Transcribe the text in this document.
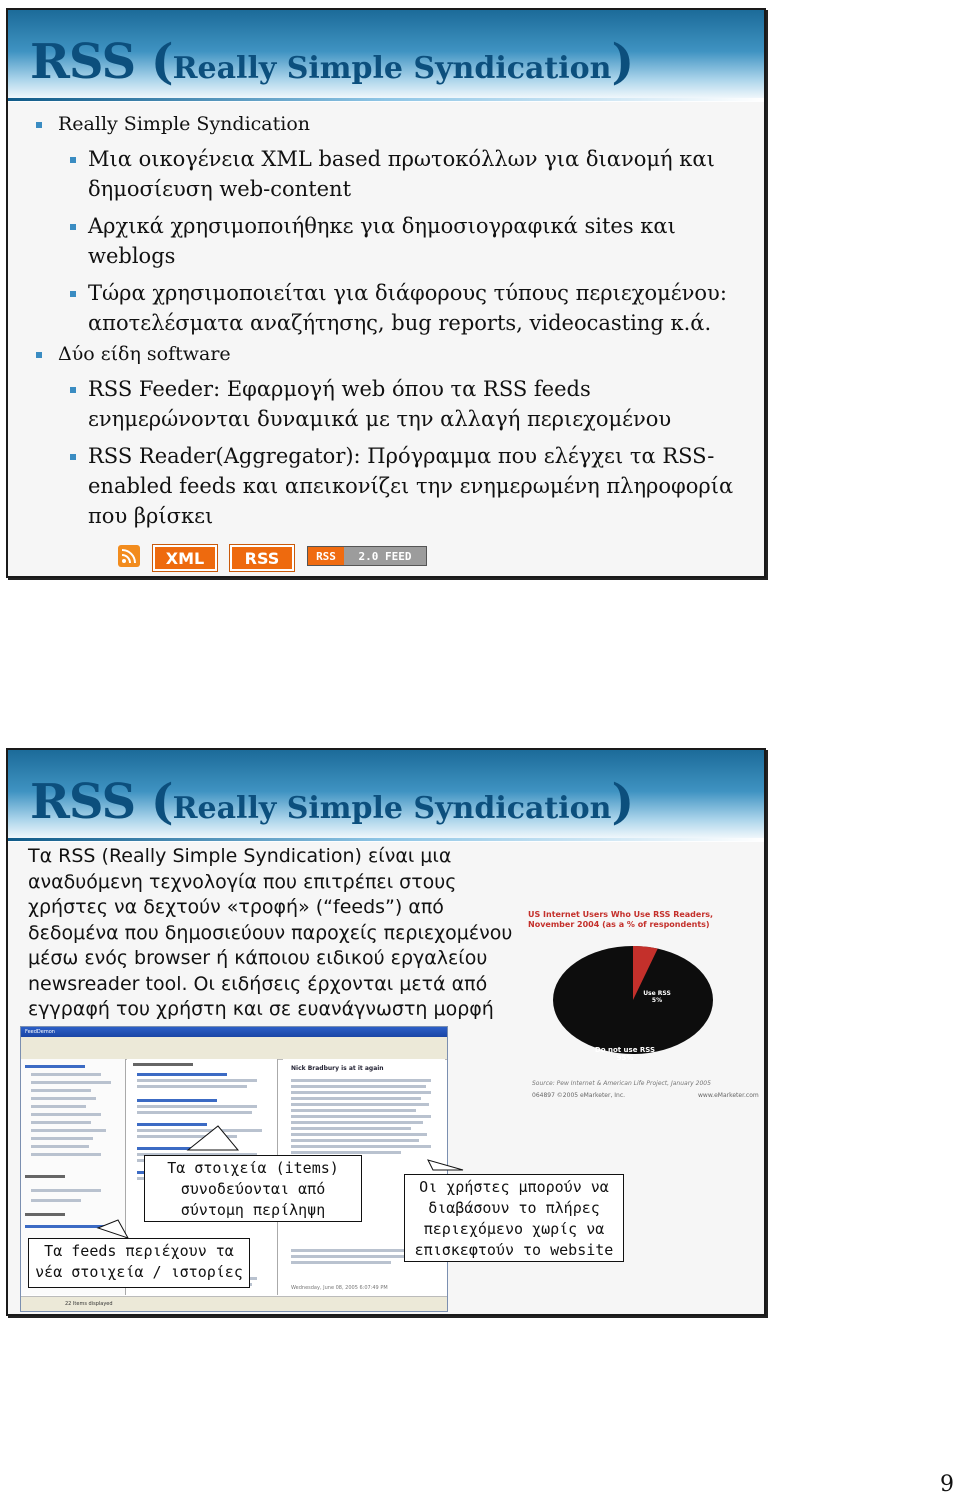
RSS (Really Simple Syndication)

Really Simple Syndication

Μια οικογένεια XML based πρωτοκόλλων για διανομή και δημοσίευση web-content

Αρχικά χρησιμοποιήθηκε για δημοσιογραφικά sites και weblogs

Τώρα χρησιμοποιείται για διάφορους τύπους περιεχομένου: αποτελέσματα αναζήτησης, bug reports, videocasting κ.ά.

Δύο είδη software

RSS Feeder: Εφαρμογή web όπου τα RSS feeds ενημερώνονται δυναμικά με την αλλαγή περιεχομένου

RSS Reader(Aggregator): Πρόγραμμα που ελέγχει τα RSS-enabled feeds και απεικονίζει την ενημερωμένη πληροφορία που βρίσκει

XML	RSS	RSS	2.0 FEED
RSS (Really Simple Syndication)

Τα RSS (Really Simple Syndication) είναι μια αναδυόμενη τεχνολογία που επιτρέπει στους χρήστες να δεχτούν «τροφή» (“feeds”) από δεδομένα που δημοσιεύουν παροχείς περιεχομένου μέσω ενός browser ή κάποιου ειδικού εργαλείου newsreader tool. Οι ειδήσεις έρχονται μετά από εγγραφή του χρήστη και σε ευανάγνωστη μορφή

US Internet Users Who Use RSS Readers, November 2004 (as a % of respondents)

Use RSS 5%

Do not use RSS 95%

Source: Pew Internet & American Life Project, January 2005

064897 ©2005 eMarketer, Inc.	www.eMarketer.com

FeedDemon

Nick Bradbury is at it again

Wednesday, June 08, 2005 6:07:49 PM
22 Items displayed

Τα στοιχεία (items) συνοδεύονται από σύντομη περίληψη

Τα feeds περιέχουν τα νέα στοιχεία / ιστορίες

Οι χρήστες μπορούν να διαβάσουν το πλήρες περιεχόμενο χωρίς να επισκεφτούν το website

9
